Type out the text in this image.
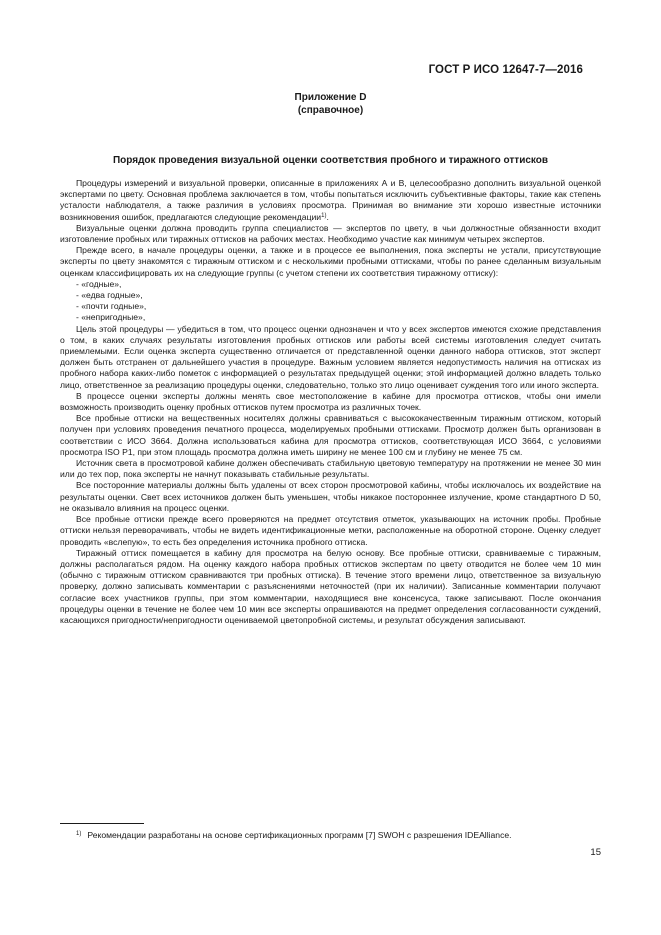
ГОСТ Р ИСО 12647-7—2016
Приложение D
(справочное)
Порядок проведения визуальной оценки соответствия пробного и тиражного оттисков

Процедуры измерений и визуальной проверки, описанные в приложениях А и В, целесообразно дополнить визуальной оценкой экспертами по цвету. Основная проблема заключается в том, чтобы попытаться исключить субъективные факторы, такие как степень усталости наблюдателя, а также различия в условиях просмотра. Принимая во внимание эти хорошо известные источники возникновения ошибок, предлагаются следующие рекомендации$^{1)}$.

Визуальные оценки должна проводить группа специалистов — экспертов по цвету, в чьи должностные обязанности входит изготовление пробных или тиражных оттисков на рабочих местах. Необходимо участие как минимум четырех экспертов.

Прежде всего, в начале процедуры оценки, а также и в процессе ее выполнения, пока эксперты не устали, присутствующие эксперты по цвету знакомятся с тиражным оттиском и с несколькими пробными оттисками, чтобы по ранее сделанным визуальным оценкам классифицировать их на следующие группы (с учетом степени их соответствия тиражному оттиску):

- «годные»,

- «едва годные»,

- «почти годные»,

- «непригодные»,

Цель этой процедуры — убедиться в том, что процесс оценки однозначен и что у всех экспертов имеются схожие представления о том, в каких случаях результаты изготовления пробных оттисков или работы всей системы изготовления следует считать приемлемыми. Если оценка эксперта существенно отличается от представленной оценки данного набора оттисков, этот эксперт должен быть отстранен от дальнейшего участия в процедуре. Важным условием является недопустимость наличия на оттисках из пробного набора каких-либо пометок с информацией о результатах предыдущей оценки; этой информацией должно владеть только лицо, ответственное за реализацию процедуры оценки, следовательно, только это лицо оценивает суждения того или иного эксперта.

В процессе оценки эксперты должны менять свое местоположение в кабине для просмотра оттисков, чтобы они имели возможность производить оценку пробных оттисков путем просмотра из различных точек.

Все пробные оттиски на вещественных носителях должны сравниваться с высококачественным тиражным оттиском, который получен при условиях проведения печатного процесса, моделируемых пробными оттисками. Просмотр должен быть организован в соответствии с ИСО 3664. Должна использоваться кабина для просмотра оттисков, соответствующая ИСО 3664, с условиями просмотра ISO P1, при этом площадь просмотра должна иметь ширину не менее 100 см и глубину не менее 75 см.

Источник света в просмотровой кабине должен обеспечивать стабильную цветовую температуру на протяжении не менее 30 мин или до тех пор, пока эксперты не начнут показывать стабильные результаты.

Все посторонние материалы должны быть удалены от всех сторон просмотровой кабины, чтобы исключалось их воздействие на результаты оценки. Свет всех источников должен быть уменьшен, чтобы никакое постороннее излучение, кроме стандартного D 50, не оказывало влияния на процесс оценки.

Все пробные оттиски прежде всего проверяются на предмет отсутствия отметок, указывающих на источник пробы. Пробные оттиски нельзя переворачивать, чтобы не видеть идентификационные метки, расположенные на оборотной стороне. Оценку следует проводить «вслепую», то есть без определения источника пробного оттиска.

Тиражный оттиск помещается в кабину для просмотра на белую основу. Все пробные оттиски, сравниваемые с тиражным, должны располагаться рядом. На оценку каждого набора пробных оттисков экспертам по цвету отводится не более чем 10 мин (обычно с тиражным оттиском сравниваются три пробных оттиска). В течение этого времени лицо, ответственное за визуальную проверку, должно записывать комментарии с разъяснениями неточностей (при их наличии). Записанные комментарии получают согласие всех участников группы, при этом комментарии, находящиеся вне консенсуса, также записывают. После окончания процедуры оценки в течение не более чем 10 мин все эксперты опрашиваются на предмет определения согласованности суждений, касающихся пригодности/непригодности оцениваемой цветопробной системы, и результат обсуждения записывают.

$^{1)}$ Рекомендации разработаны на основе сертификационных программ [7] SWOH с разрешения IDEAlliance.
15
